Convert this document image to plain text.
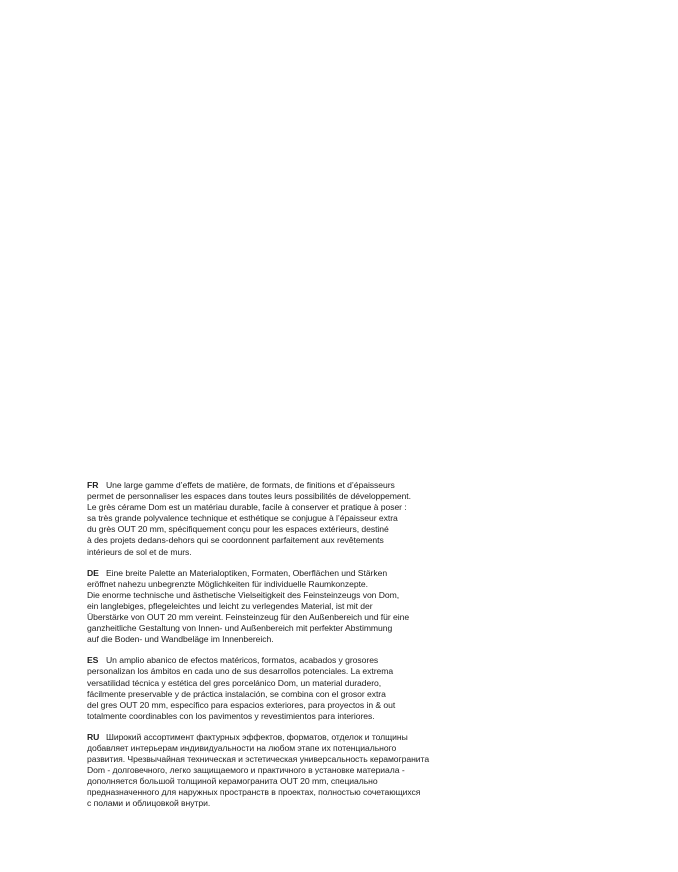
FR Une large gamme d’effets de matière, de formats, de finitions et d’épaisseurs
permet de personnaliser les espaces dans toutes leurs possibilités de développement.
Le grès cérame Dom est un matériau durable, facile à conserver et pratique à poser :
sa très grande polyvalence technique et esthétique se conjugue à l’épaisseur extra
du grès OUT 20 mm, spécifiquement conçu pour les espaces extérieurs, destiné
à des projets dedans-dehors qui se coordonnent parfaitement aux revêtements
intérieurs de sol et de murs.
DE Eine breite Palette an Materialoptiken, Formaten, Oberflächen und Stärken
eröffnet nahezu unbegrenzte Möglichkeiten für individuelle Raumkonzepte.
Die enorme technische und ästhetische Vielseitigkeit des Feinsteinzeugs von Dom,
ein langlebiges, pflegeleichtes und leicht zu verlegendes Material, ist mit der
Überstärke von OUT 20 mm vereint. Feinsteinzeug für den Außenbereich und für eine
ganzheitliche Gestaltung von Innen- und Außenbereich mit perfekter Abstimmung
auf die Boden- und Wandbeläge im Innenbereich.
ES Un amplio abanico de efectos matéricos, formatos, acabados y grosores
personalizan los ámbitos en cada uno de sus desarrollos potenciales. La extrema
versatilidad técnica y estética del gres porcelánico Dom, un material duradero,
fácilmente preservable y de práctica instalación, se combina con el grosor extra
del gres OUT 20 mm, específico para espacios exteriores, para proyectos in & out
totalmente coordinables con los pavimentos y revestimientos para interiores.
RU Широкий ассортимент фактурных эффектов, форматов, отделок и толщины
добавляет интерьерам индивидуальности на любом этапе их потенциального
развития. Чрезвычайная техническая и эстетическая универсальность керамогранита
Dom - долговечного, легко защищаемого и практичного в установке материала -
дополняется большой толщиной керамогранита OUT 20 mm, специально
предназначенного для наружных пространств в проектах, полностью сочетающихся
с полами и облицовкой внутри.
